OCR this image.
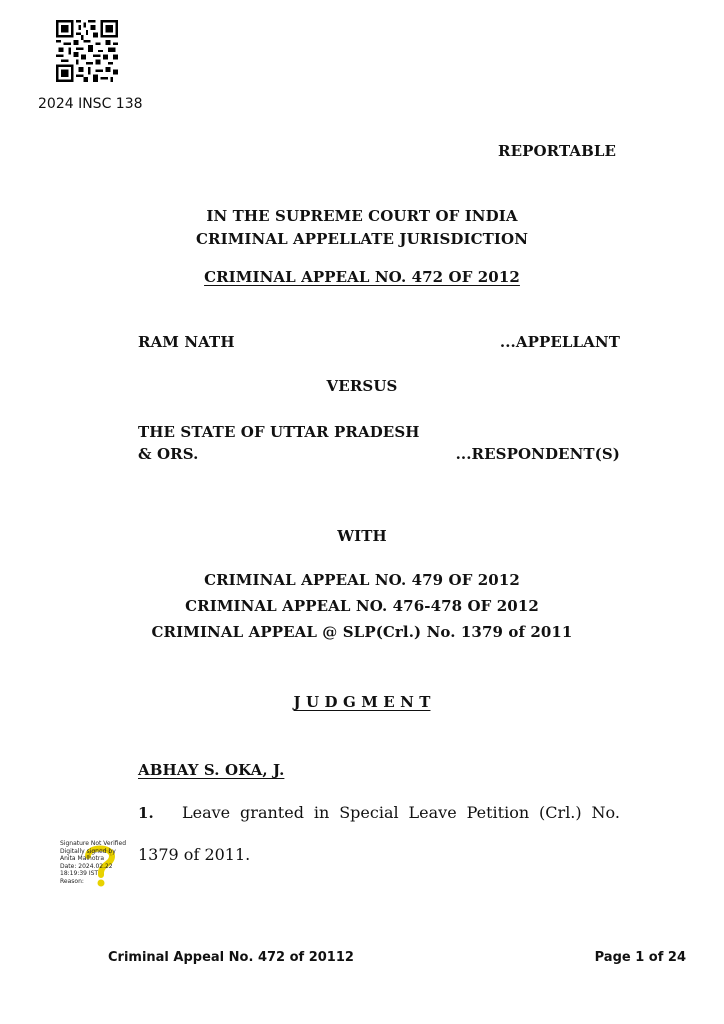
2024 INSC 138
REPORTABLE
IN THE SUPREME COURT OF INDIA
CRIMINAL APPELLATE JURISDICTION
CRIMINAL APPEAL NO. 472 OF 2012
RAM NATH	...APPELLANT
VERSUS
THE STATE OF UTTAR PRADESH
& ORS.	...RESPONDENT(S)
WITH
CRIMINAL APPEAL NO. 479 OF 2012
CRIMINAL APPEAL NO. 476-478 OF 2012
CRIMINAL APPEAL @ SLP(Crl.) No. 1379 of 2011
J U D G M E N T
ABHAY S. OKA, J.
1. Leave granted in Special Leave Petition (Crl.) No.
1379 of 2011.
Signature Not Verified
Digitally signed by
Anita Malhotra
Date: 2024.02.22
18:19:39 IST
Reason:
Criminal Appeal No. 472 of 20112	Page 1 of 24
